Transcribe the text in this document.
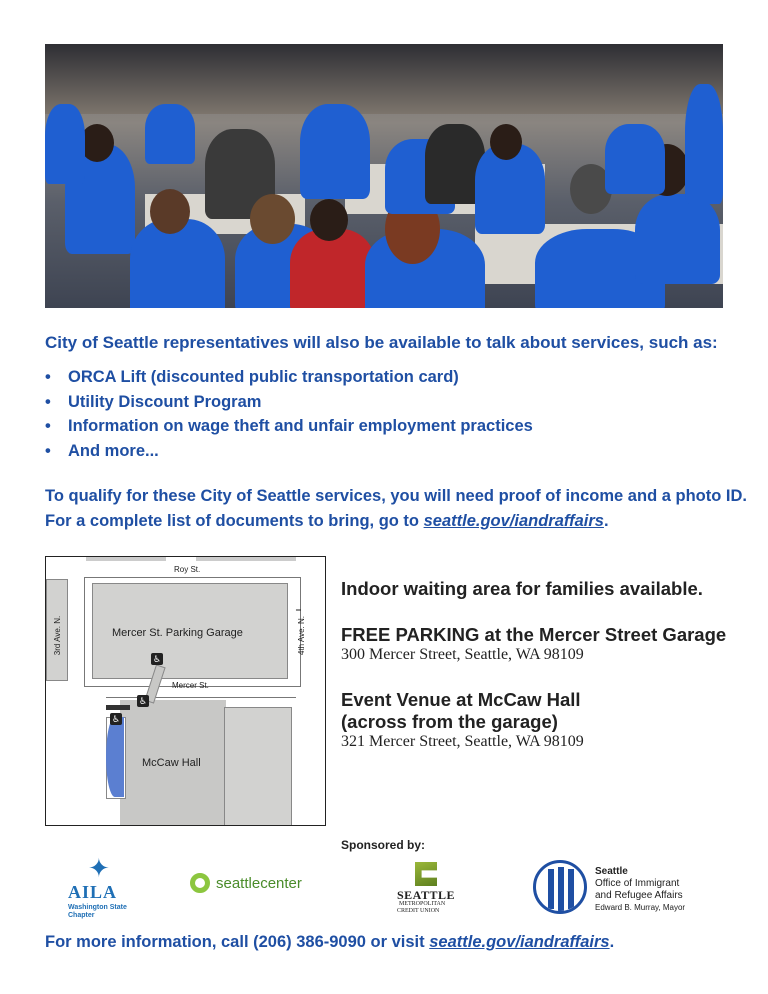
City of Seattle representatives will also be available to talk about services, such as:
• ORCA Lift (discounted public transportation card)
• Utility Discount Program
• Information on wage theft and unfair employment practices
• And more...
To qualify for these City of Seattle services, you will need proof of income and a photo ID.
For a complete list of documents to bring, go to seattle.gov/iandraffairs.
Roy St.
Mercer St. Parking Garage
3rd Ave. N.	4th Ave. N.
═
Mercer St.
McCaw Hall
♿
♿
♿
Indoor waiting area for families available.
FREE PARKING at the Mercer Street Garage

300 Mercer Street, Seattle, WA 98109

Event Venue at McCaw Hall
(across from the garage)

321 Mercer Street, Seattle, WA 98109

Sponsored by:
✦
AILA
Washington State
Chapter
seattlecenter
SEATTLE
METROPOLITAN
CREDIT UNION
Seattle
Office of Immigrant
and Refugee Affairs
Edward B. Murray, Mayor
For more information, call (206) 386-9090 or visit seattle.gov/iandraffairs.
